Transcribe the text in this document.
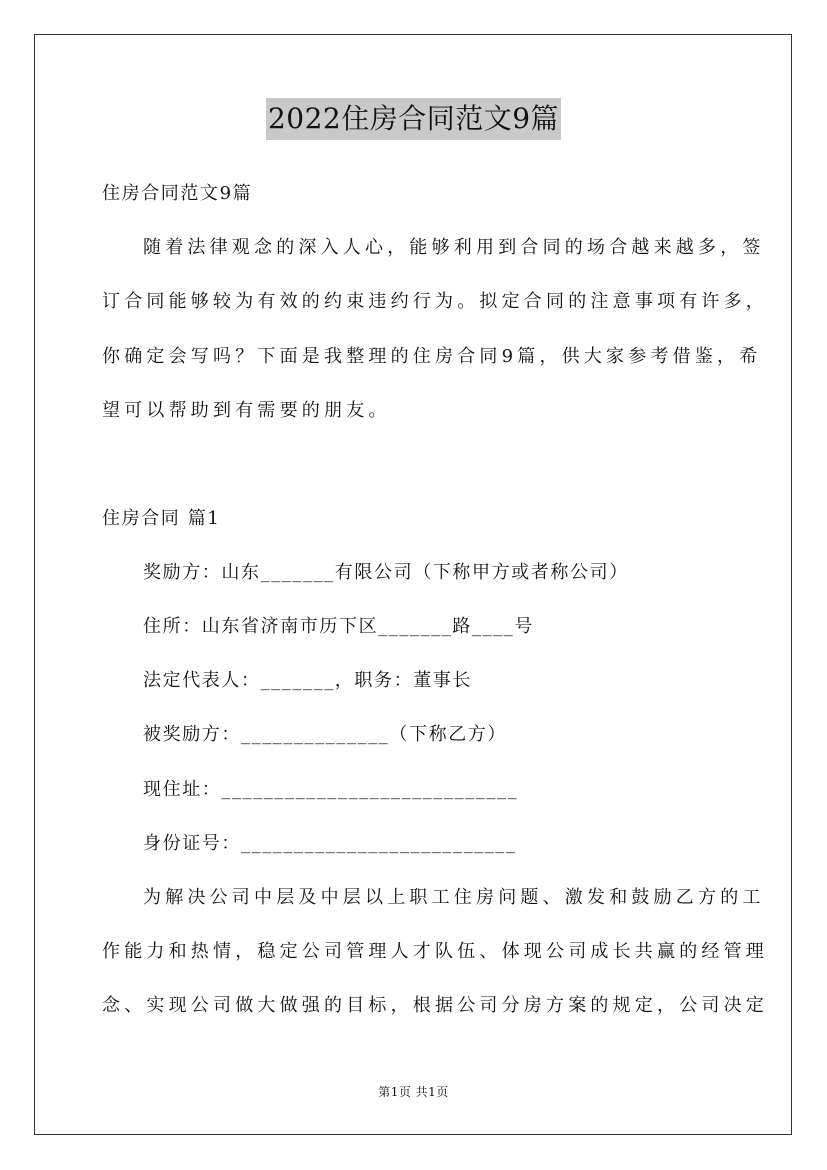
2022住房合同范文9篇
住房合同范文9篇
随着法律观念的深入人心，能够利用到合同的场合越来越多，签
订合同能够较为有效的约束违约行为。拟定合同的注意事项有许多，
你确定会写吗？下面是我整理的住房合同9篇，供大家参考借鉴，希
望可以帮助到有需要的朋友。
住房合同 篇1
奖励方：山东_______有限公司（下称甲方或者称公司）
住所：山东省济南市历下区_______路____号
法定代表人：_______，职务：董事长
被奖励方：______________（下称乙方）
现住址：____________________________
身份证号：__________________________
为解决公司中层及中层以上职工住房问题、激发和鼓励乙方的工
作能力和热情，稳定公司管理人才队伍、体现公司成长共赢的经管理
念、实现公司做大做强的目标，根据公司分房方案的规定，公司决定
第1页 共1页
